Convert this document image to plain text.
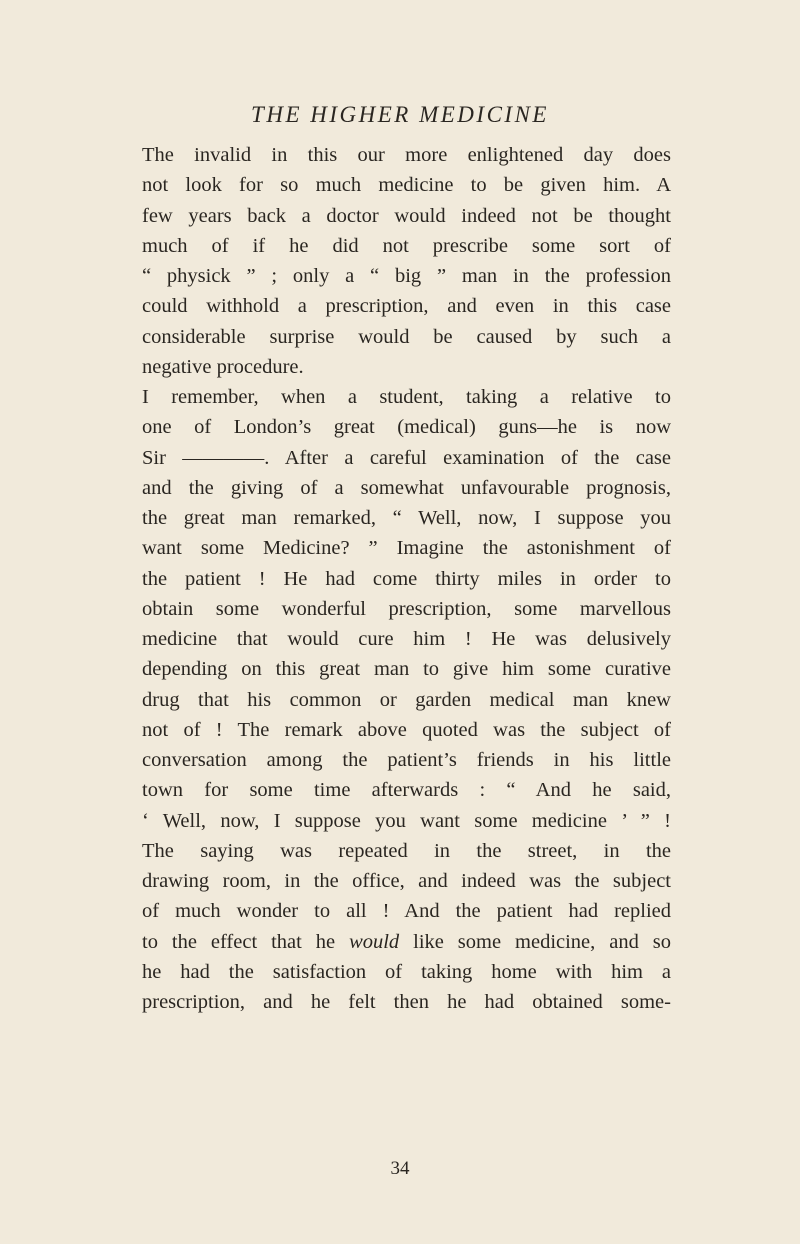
THE HIGHER MEDICINE
The invalid in this our more enlightened day does
not look for so much medicine to be given him. A
few years back a doctor would indeed not be thought
much of if he did not prescribe some sort of
“ physick ” ; only a “ big ” man in the profession
could withhold a prescription, and even in this case
considerable surprise would be caused by such a
negative procedure.
I remember, when a student, taking a relative to
one of London’s great (medical) guns—he is now
Sir ————. After a careful examination of the case
and the giving of a somewhat unfavourable prognosis,
the great man remarked, “ Well, now, I suppose you
want some Medicine? ” Imagine the astonishment of
the patient ! He had come thirty miles in order to
obtain some wonderful prescription, some marvellous
medicine that would cure him ! He was delusively
depending on this great man to give him some curative
drug that his common or garden medical man knew
not of ! The remark above quoted was the subject of
conversation among the patient’s friends in his little
town for some time afterwards : “ And he said,
‘ Well, now, I suppose you want some medicine ’ ” !
The saying was repeated in the street, in the
drawing room, in the office, and indeed was the subject
of much wonder to all ! And the patient had replied
to the effect that he would like some medicine, and so
he had the satisfaction of taking home with him a
prescription, and he felt then he had obtained some-
34
